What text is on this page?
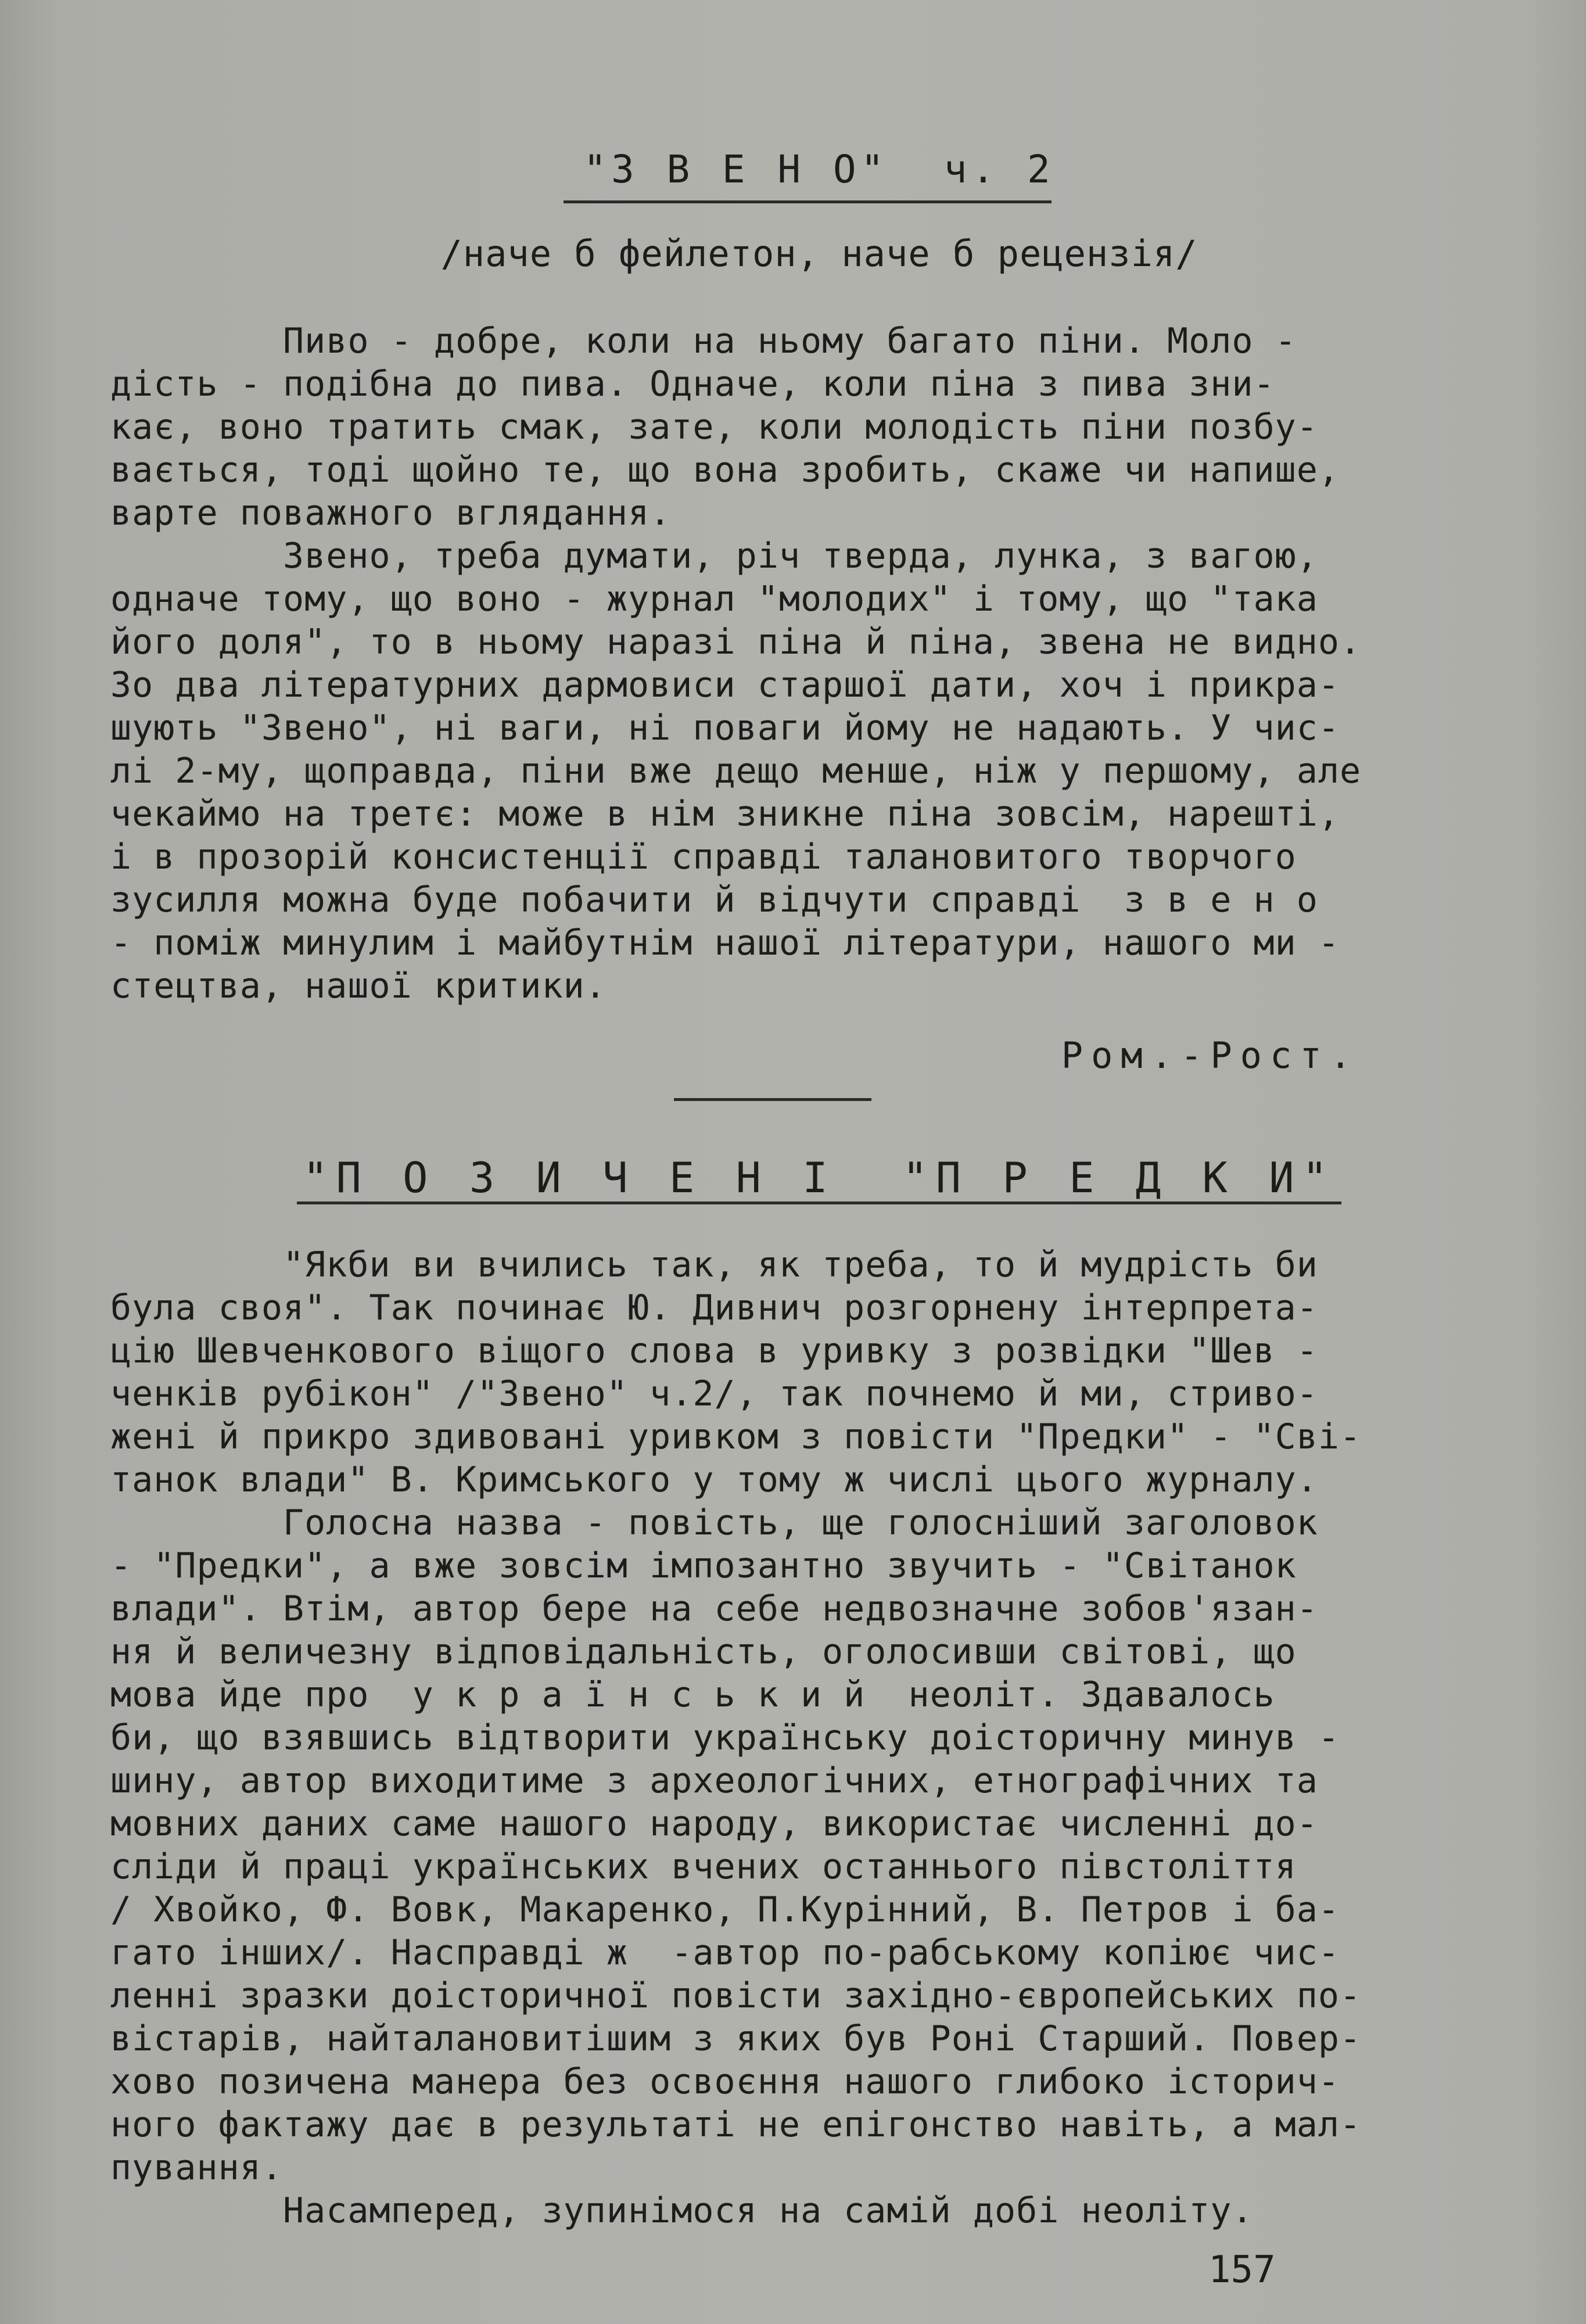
"З В Е Н О"  ч. 2
/наче б фейлетон, наче б рецензія/
Пиво - добре, коли на ньому багато піни. Моло -
дість - подібна до пива. Одначе, коли піна з пива зни-
кає, воно тратить смак, зате, коли молодість піни позбу-
вається, тоді щойно те, що вона зробить, скаже чи напише,
варте поважного вглядання.
Звено, треба думати, річ тверда, лунка, з вагою,
одначе тому, що воно - журнал "молодих" і тому, що "така
його доля", то в ньому наразі піна й піна, звена не видно.
Зо два літературних дармовиси старшої дати, хоч і прикра-
шують "Звено", ні ваги, ні поваги йому не надають. У чис-
лі 2-му, щоправда, піни вже дещо менше, ніж у першому, але
чекаймо на третє: може в нім зникне піна зовсім, нарешті,
і в прозорій консистенції справді талановитого творчого
зусилля можна буде побачити й відчути справді  з в е н о
- поміж минулим і майбутнім нашої літератури, нашого ми -
стецтва, нашої критики.
Ром.-Рост.
"П О З И Ч Е Н І  "П Р Е Д К И"
"Якби ви вчились так, як треба, то й мудрість би
була своя". Так починає Ю. Дивнич розгорнену інтерпрета-
цію Шевченкового віщого слова в уривку з розвідки "Шев -
ченків рубікон" /"Звено" ч.2/, так почнемо й ми, стриво-
жені й прикро здивовані уривком з повісти "Предки" - "Сві-
танок влади" В. Кримського у тому ж числі цього журналу.
Голосна назва - повість, ще голосніший заголовок
- "Предки", а вже зовсім імпозантно звучить - "Світанок
влади". Втім, автор бере на себе недвозначне зобов'язан-
ня й величезну відповідальність, оголосивши світові, що
мова йде про  у к р а ї н с ь к и й  неоліт. Здавалось
би, що взявшись відтворити українську доісторичну минув -
шину, автор виходитиме з археологічних, етнографічних та
мовних даних саме нашого народу, використає численні до-
сліди й праці українських вчених останнього півстоліття
/ Хвойко, Ф. Вовк, Макаренко, П.Курінний, В. Петров і ба-
гато інших/. Насправді ж  -автор по-рабському копіює чис-
ленні зразки доісторичної повісти західно-європейських по-
вістарів, найталановитішим з яких був Роні Старший. Повер-
хово позичена манера без освоєння нашого глибоко історич-
ного фактажу дає в результаті не епігонство навіть, а мал-
пування.
Насамперед, зупинімося на самій добі неоліту.
157
